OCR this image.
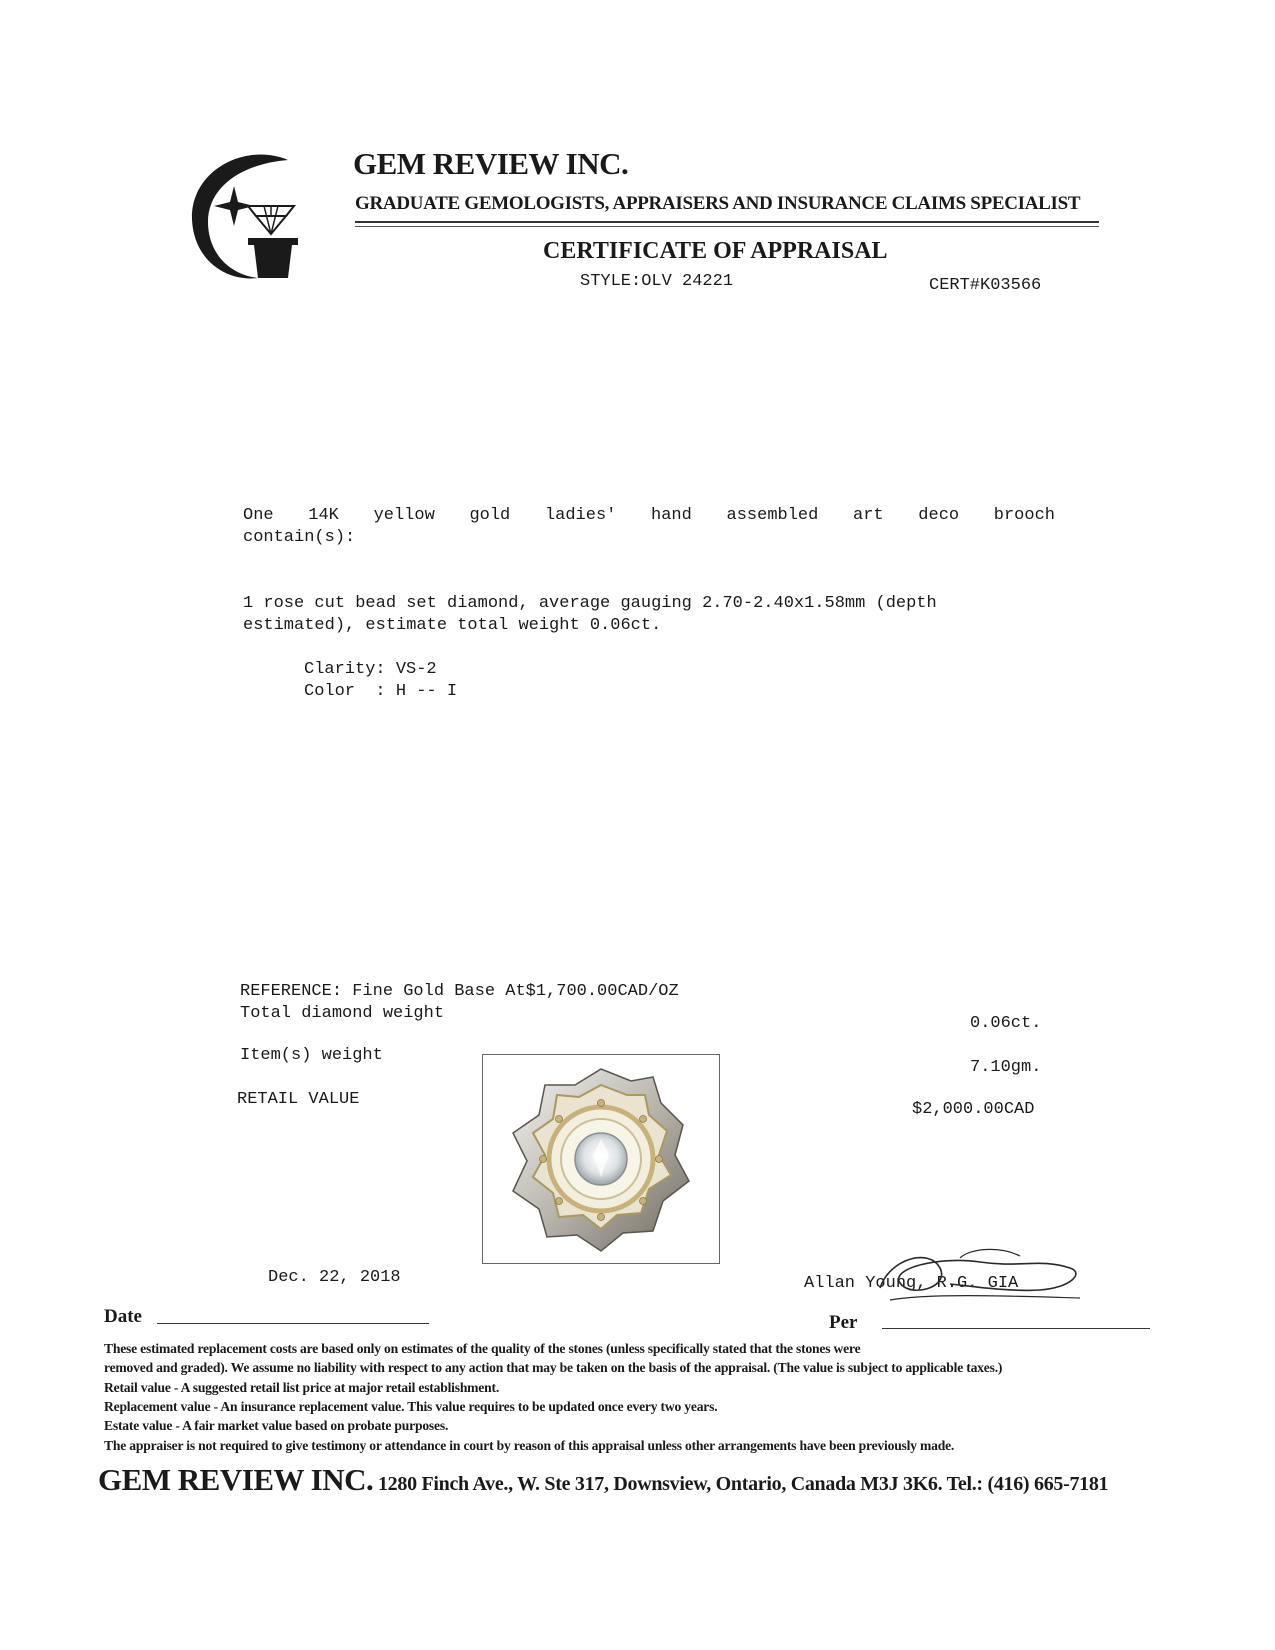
GEM REVIEW INC.
GRADUATE GEMOLOGISTS, APPRAISERS AND INSURANCE CLAIMS SPECIALIST
CERTIFICATE OF APPRAISAL
STYLE:OLV 24221	CERT#K03566
One 14K yellow gold ladies' hand assembled art deco brooch
contain(s):
1 rose cut bead set diamond, average gauging 2.70-2.40x1.58mm (depth
estimated), estimate total weight 0.06ct.
Clarity: VS-2
Color  : H -- I
REFERENCE: Fine Gold Base At$1,700.00CAD/OZ
Total diamond weight
0.06ct.
Item(s) weight
7.10gm.
RETAIL VALUE
$2,000.00CAD
Dec. 22, 2018
Date
Allan Young, R.G. GIA
Per
These estimated replacement costs are based only on estimates of the quality of the stones (unless specifically stated that the stones were
removed and graded). We assume no liability with respect to any action that may be taken on the basis of the appraisal. (The value is subject to applicable taxes.)
Retail value - A suggested retail list price at major retail establishment.
Replacement value - An insurance replacement value. This value requires to be updated once every two years.
Estate value - A fair market value based on probate purposes.
The appraiser is not required to give testimony or attendance in court by reason of this appraisal unless other arrangements have been previously made.
GEM REVIEW INC. 1280 Finch Ave., W. Ste 317, Downsview, Ontario, Canada M3J 3K6. Tel.: (416) 665-7181
